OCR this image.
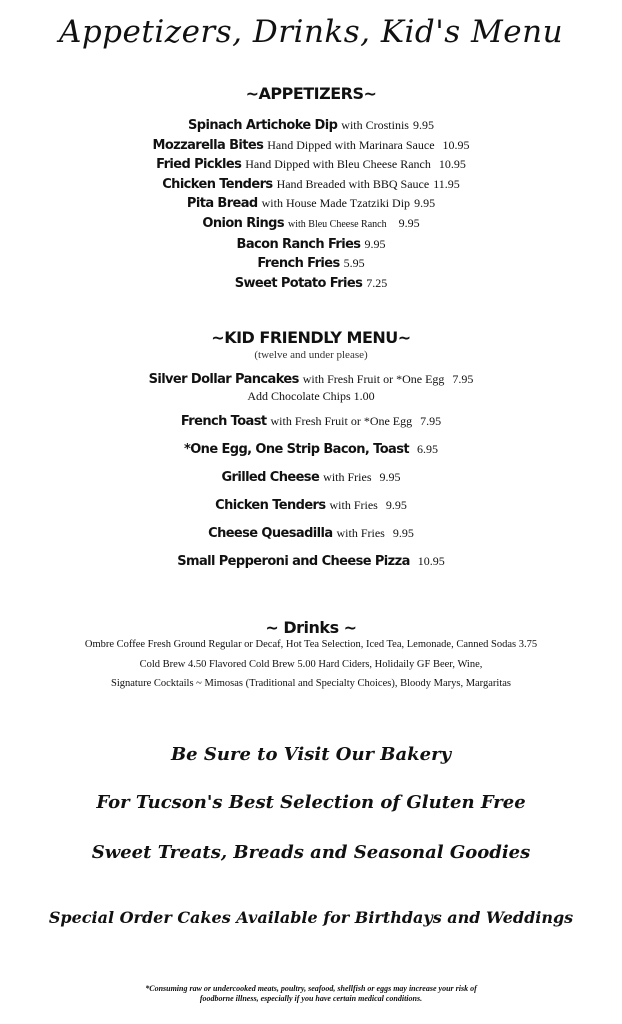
Appetizers, Drinks, Kid's Menu
~APPETIZERS~
Spinach Artichoke Dip with Crostinis 9.95
Mozzarella Bites Hand Dipped with Marinara Sauce 10.95
Fried Pickles Hand Dipped with Bleu Cheese Ranch 10.95
Chicken Tenders Hand Breaded with BBQ Sauce 11.95
Pita Bread with House Made Tzatziki Dip 9.95
Onion Rings with Bleu Cheese Ranch 9.95
Bacon Ranch Fries 9.95
French Fries 5.95
Sweet Potato Fries 7.25
~KID FRIENDLY MENU~
(twelve and under please)
Silver Dollar Pancakes with Fresh Fruit or *One Egg 7.95
Add Chocolate Chips 1.00
French Toast with Fresh Fruit or *One Egg 7.95
*One Egg, One Strip Bacon, Toast 6.95
Grilled Cheese with Fries 9.95
Chicken Tenders with Fries 9.95
Cheese Quesadilla with Fries 9.95
Small Pepperoni and Cheese Pizza 10.95
~ Drinks ~
Ombre Coffee Fresh Ground Regular or Decaf, Hot Tea Selection, Iced Tea, Lemonade, Canned Sodas 3.75
Cold Brew 4.50 Flavored Cold Brew 5.00 Hard Ciders, Holidaily GF Beer, Wine,
Signature Cocktails ~ Mimosas (Traditional and Specialty Choices), Bloody Marys, Margaritas
Be Sure to Visit Our Bakery
For Tucson's Best Selection of Gluten Free
Sweet Treats, Breads and Seasonal Goodies
Special Order Cakes Available for Birthdays and Weddings
*Consuming raw or undercooked meats, poultry, seafood, shellfish or eggs may increase your risk of
foodborne illness, especially if you have certain medical conditions.
